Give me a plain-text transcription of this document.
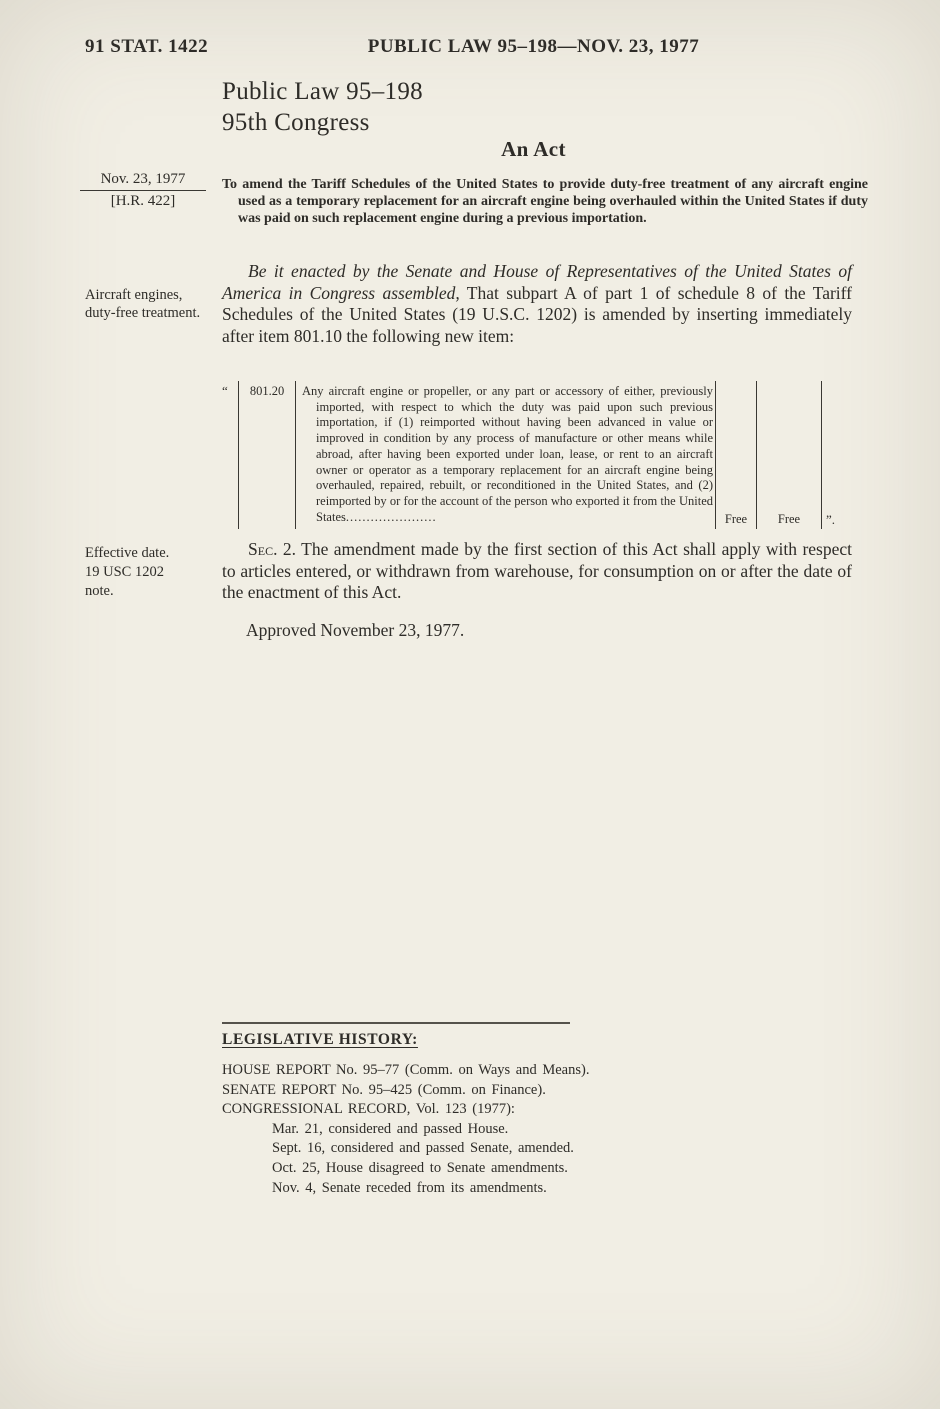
91 STAT. 1422	PUBLIC LAW 95–198—NOV. 23, 1977
Public Law 95–198
95th Congress
An Act
Nov. 23, 1977
[H.R. 422]
To amend the Tariff Schedules of the United States to provide duty-free treatment of any aircraft engine used as a temporary replacement for an aircraft engine being overhauled within the United States if duty was paid on such replacement engine during a previous importation.
Aircraft engines, duty-free treatment.

Be it enacted by the Senate and House of Representatives of the United States of America in Congress assembled, That subpart A of part 1 of schedule 8 of the Tariff Schedules of the United States (19 U.S.C. 1202) is amended by inserting immediately after item 801.10 the following new item:

“	801.20	Any aircraft engine or propeller, or any part or accessory of either, previously imported, with respect to which the duty was paid upon such previous importation, if (1) reimported without having been advanced in value or improved in condition by any process of manufacture or other means while abroad, after having been exported under loan, lease, or rent to an aircraft owner or operator as a temporary replacement for an aircraft engine being overhauled, repaired, rebuilt, or reconditioned in the United States, and (2) reimported by or for the account of the person who exported it from the United States......................	Free	Free	”.
Effective date.
19 USC 1202
note.

Sec. 2. The amendment made by the first section of this Act shall apply with respect to articles entered, or withdrawn from warehouse, for consumption on or after the date of the enactment of this Act.

Approved November 23, 1977.
LEGISLATIVE HISTORY:
HOUSE REPORT No. 95–77 (Comm. on Ways and Means).
SENATE REPORT No. 95–425 (Comm. on Finance).
CONGRESSIONAL RECORD, Vol. 123 (1977):
Mar. 21, considered and passed House.
Sept. 16, considered and passed Senate, amended.
Oct. 25, House disagreed to Senate amendments.
Nov. 4, Senate receded from its amendments.
